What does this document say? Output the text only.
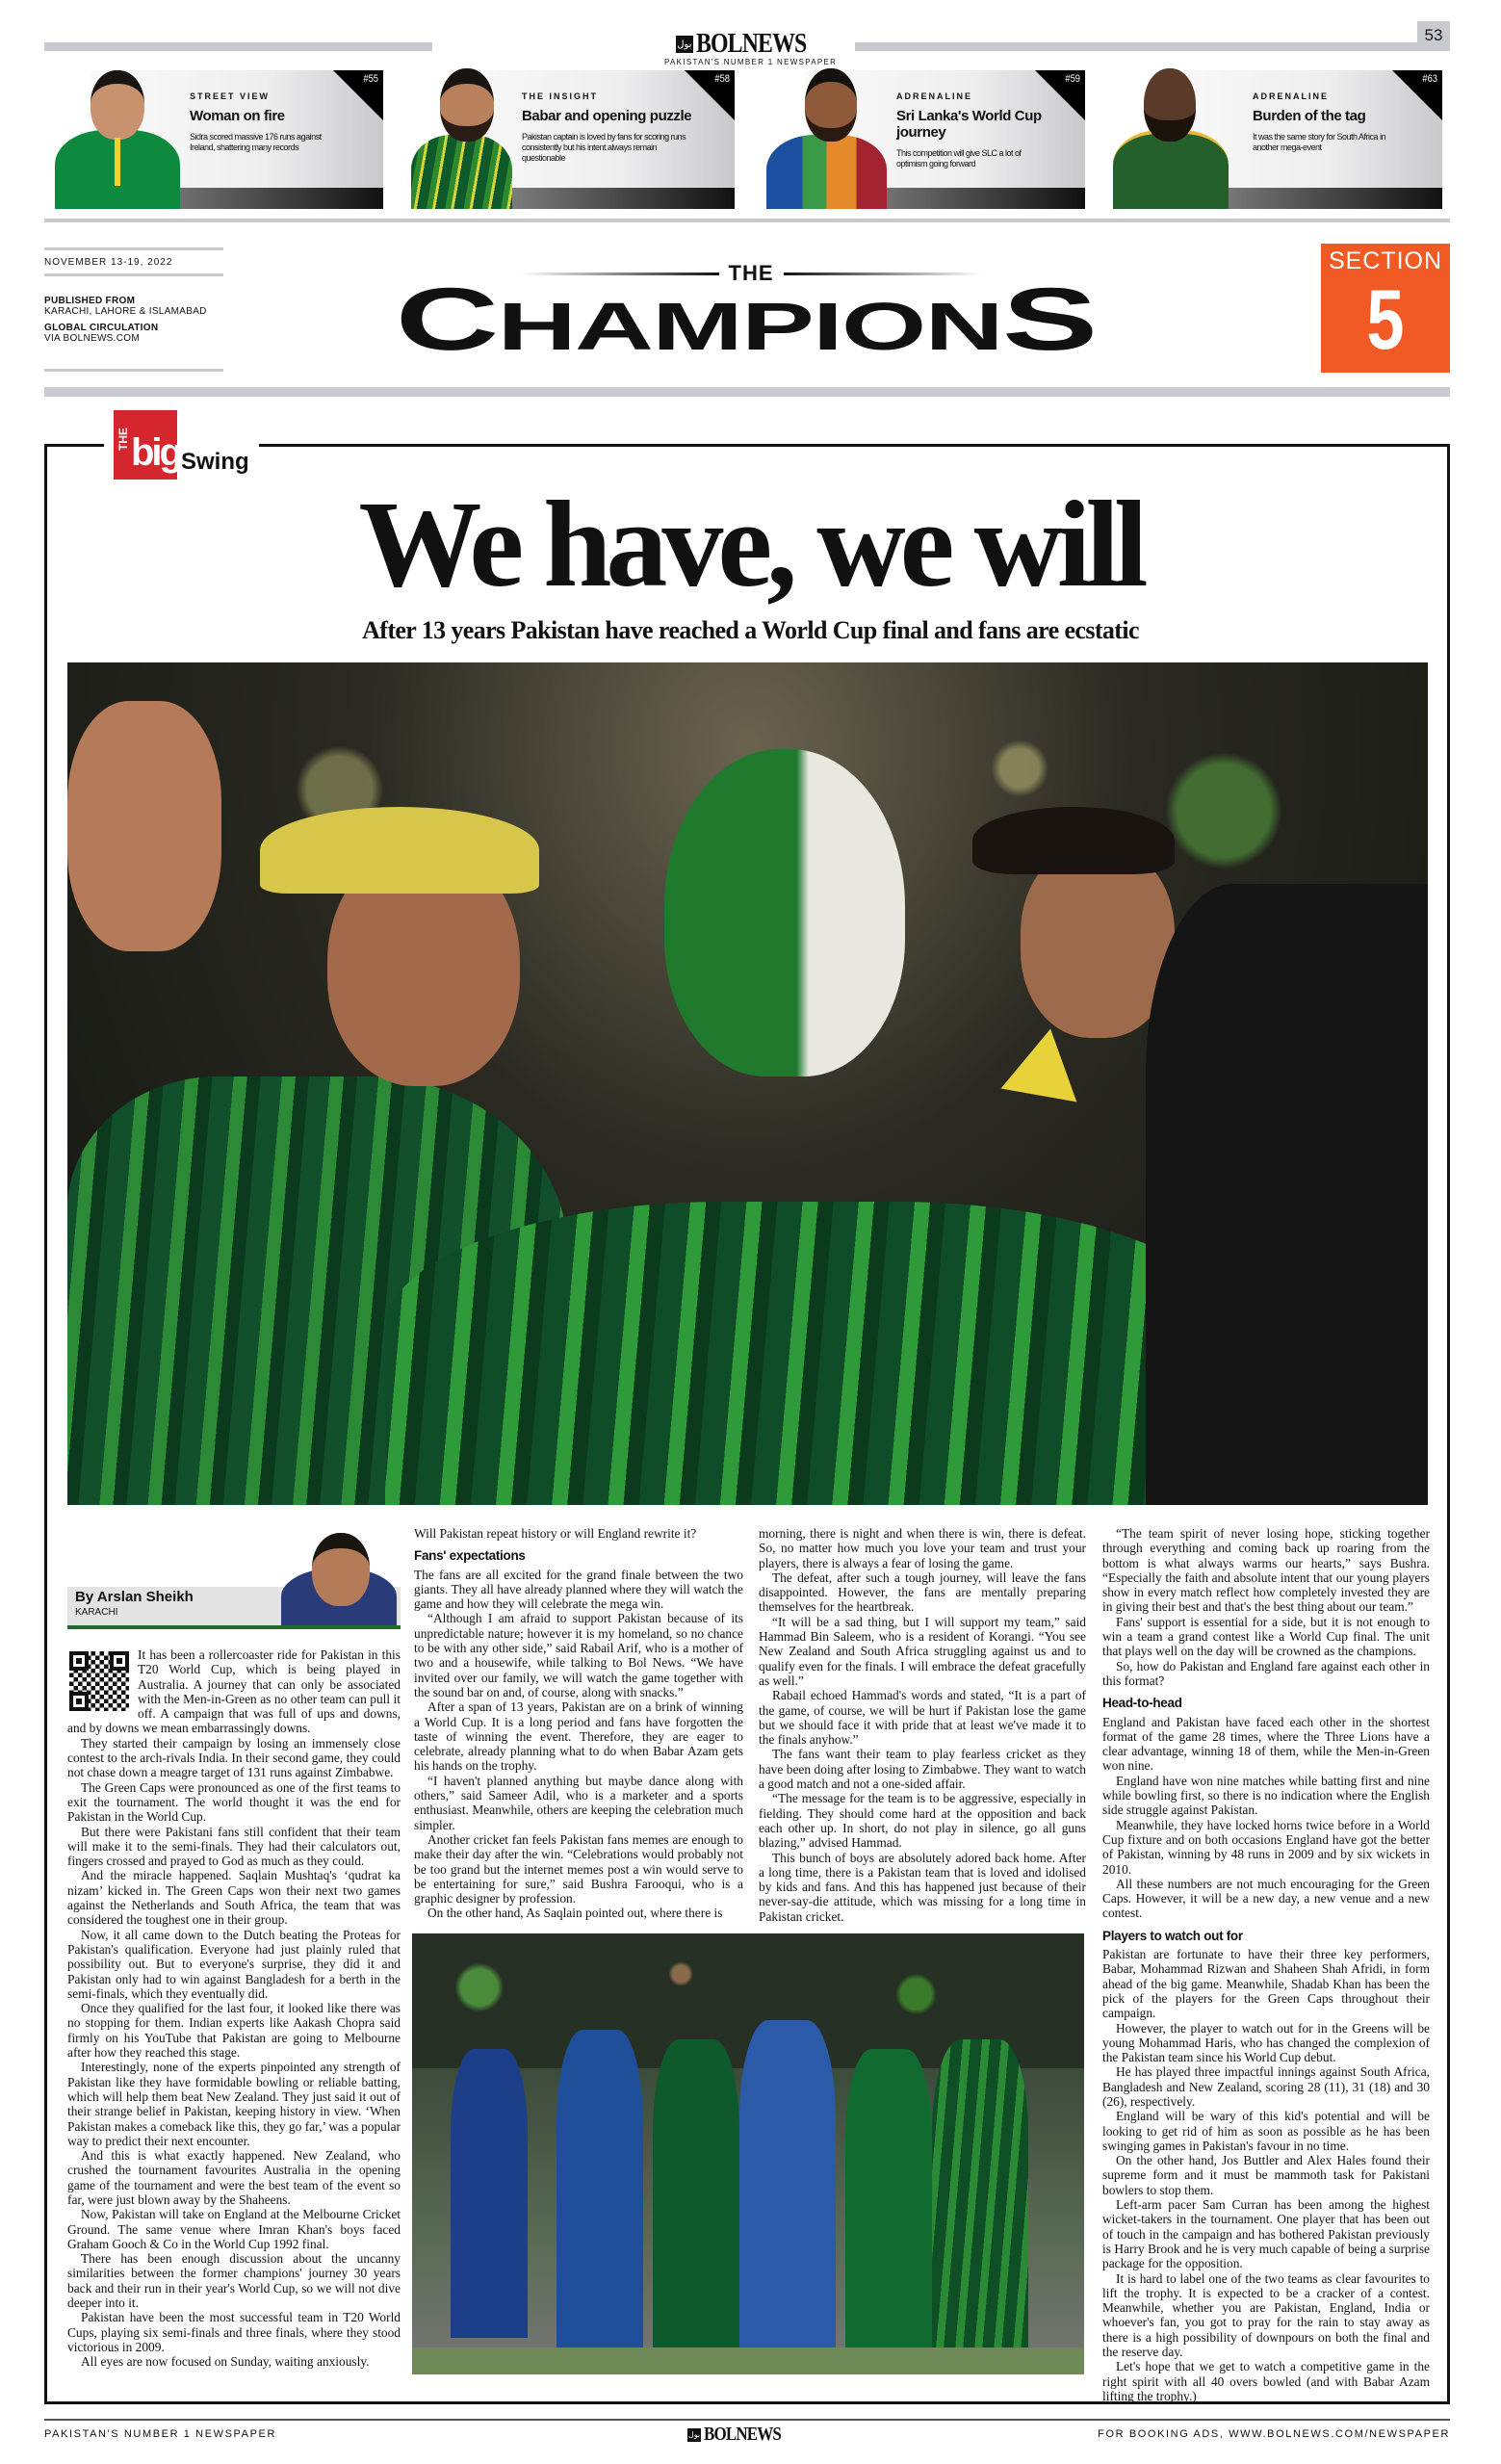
بول BOLNEWS
PAKISTAN'S NUMBER 1 NEWSPAPER
53
#55
STREET VIEW
Woman on fire
Sidra scored massive 176 runs against Ireland, shattering many records
#58
THE INSIGHT
Babar and opening puzzle
Pakistan captain is loved by fans for scoring runs consistently but his intent always remain questionable
#59
ADRENALINE
Sri Lanka's World Cup journey
This competition will give SLC a lot of optimism going forward
#63
ADRENALINE
Burden of the tag
It was the same story for South Africa in another mega-event
NOVEMBER 13-19, 2022
PUBLISHED FROM
KARACHI, LAHORE & ISLAMABAD
GLOBAL CIRCULATION
VIA BOLNEWS.COM
THE
CHAMPIONS
SECTION
5
THE big Swing
We have, we will
After 13 years Pakistan have reached a World Cup final and fans are ecstatic
By Arslan Sheikh
KARACHI

It has been a rollercoaster ride for Pakistan in this T20 World Cup, which is being played in Australia. A journey that can only be associated with the Men-in-Green as no other team can pull it off. A campaign that was full of ups and downs, and by downs we mean embarrassingly downs.

They started their campaign by losing an immensely close contest to the arch-rivals India. In their second game, they could not chase down a meagre target of 131 runs against Zimbabwe.

The Green Caps were pronounced as one of the first teams to exit the tournament. The world thought it was the end for Pakistan in the World Cup.

But there were Pakistani fans still confident that their team will make it to the semi-finals. They had their calculators out, fingers crossed and prayed to God as much as they could.

And the miracle happened. Saqlain Mushtaq's ‘qudrat ka nizam’ kicked in. The Green Caps won their next two games against the Netherlands and South Africa, the team that was considered the toughest one in their group.

Now, it all came down to the Dutch beating the Proteas for Pakistan's qualification. Everyone had just plainly ruled that possibility out. But to everyone's surprise, they did it and Pakistan only had to win against Bangladesh for a berth in the semi-finals, which they eventually did.

Once they qualified for the last four, it looked like there was no stopping for them. Indian experts like Aakash Chopra said firmly on his YouTube that Pakistan are going to Melbourne after how they reached this stage.

Interestingly, none of the experts pinpointed any strength of Pakistan like they have formidable bowling or reliable batting, which will help them beat New Zealand. They just said it out of their strange belief in Pakistan, keeping history in view. ‘When Pakistan makes a comeback like this, they go far,’ was a popular way to predict their next encounter.

And this is what exactly happened. New Zealand, who crushed the tournament favourites Australia in the opening game of the tournament and were the best team of the event so far, were just blown away by the Shaheens.

Now, Pakistan will take on England at the Melbourne Cricket Ground. The same venue where Imran Khan's boys faced Graham Gooch & Co in the World Cup 1992 final.

There has been enough discussion about the uncanny similarities between the former champions' journey 30 years back and their run in their year's World Cup, so we will not dive deeper into it.

Pakistan have been the most successful team in T20 World Cups, playing six semi-finals and three finals, where they stood victorious in 2009.

All eyes are now focused on Sunday, waiting anxiously.

Will Pakistan repeat history or will England rewrite it?

Fans' expectations

The fans are all excited for the grand finale between the two giants. They all have already planned where they will watch the game and how they will celebrate the mega win.

“Although I am afraid to support Pakistan because of its unpredictable nature; however it is my homeland, so no chance to be with any other side,” said Rabail Arif, who is a mother of two and a housewife, while talking to Bol News. “We have invited over our family, we will watch the game together with the sound bar on and, of course, along with snacks.”

After a span of 13 years, Pakistan are on a brink of winning a World Cup. It is a long period and fans have forgotten the taste of winning the event. Therefore, they are eager to celebrate, already planning what to do when Babar Azam gets his hands on the trophy.

“I haven't planned anything but maybe dance along with others,” said Sameer Adil, who is a marketer and a sports enthusiast. Meanwhile, others are keeping the celebration much simpler.

Another cricket fan feels Pakistan fans memes are enough to make their day after the win. “Celebrations would probably not be too grand but the internet memes post a win would serve to be entertaining for sure,” said Bushra Farooqui, who is a graphic designer by profession.

On the other hand, As Saqlain pointed out, where there is

morning, there is night and when there is win, there is defeat. So, no matter how much you love your team and trust your players, there is always a fear of losing the game.

The defeat, after such a tough journey, will leave the fans disappointed. However, the fans are mentally preparing themselves for the heartbreak.

“It will be a sad thing, but I will support my team,” said Hammad Bin Saleem, who is a resident of Korangi. “You see New Zealand and South Africa struggling against us and to qualify even for the finals. I will embrace the defeat gracefully as well.”

Rabail echoed Hammad's words and stated, “It is a part of the game, of course, we will be hurt if Pakistan lose the game but we should face it with pride that at least we've made it to the finals anyhow.”

The fans want their team to play fearless cricket as they have been doing after losing to Zimbabwe. They want to watch a good match and not a one-sided affair.

“The message for the team is to be aggressive, especially in fielding. They should come hard at the opposition and back each other up. In short, do not play in silence, go all guns blazing,” advised Hammad.

This bunch of boys are absolutely adored back home. After a long time, there is a Pakistan team that is loved and idolised by kids and fans. And this has happened just because of their never-say-die attitude, which was missing for a long time in Pakistan cricket.

“The team spirit of never losing hope, sticking together through everything and coming back up roaring from the bottom is what always warms our hearts,” says Bushra. “Especially the faith and absolute intent that our young players show in every match reflect how completely invested they are in giving their best and that's the best thing about our team.”

Fans' support is essential for a side, but it is not enough to win a team a grand contest like a World Cup final. The unit that plays well on the day will be crowned as the champions.

So, how do Pakistan and England fare against each other in this format?

Head-to-head

England and Pakistan have faced each other in the shortest format of the game 28 times, where the Three Lions have a clear advantage, winning 18 of them, while the Men-in-Green won nine.

England have won nine matches while batting first and nine while bowling first, so there is no indication where the English side struggle against Pakistan.

Meanwhile, they have locked horns twice before in a World Cup fixture and on both occasions England have got the better of Pakistan, winning by 48 runs in 2009 and by six wickets in 2010.

All these numbers are not much encouraging for the Green Caps. However, it will be a new day, a new venue and a new contest.

Players to watch out for

Pakistan are fortunate to have their three key performers, Babar, Mohammad Rizwan and Shaheen Shah Afridi, in form ahead of the big game. Meanwhile, Shadab Khan has been the pick of the players for the Green Caps throughout their campaign.

However, the player to watch out for in the Greens will be young Mohammad Haris, who has changed the complexion of the Pakistan team since his World Cup debut.

He has played three impactful innings against South Africa, Bangladesh and New Zealand, scoring 28 (11), 31 (18) and 30 (26), respectively.

England will be wary of this kid's potential and will be looking to get rid of him as soon as possible as he has been swinging games in Pakistan's favour in no time.

On the other hand, Jos Buttler and Alex Hales found their supreme form and it must be mammoth task for Pakistani bowlers to stop them.

Left-arm pacer Sam Curran has been among the highest wicket-takers in the tournament. One player that has been out of touch in the campaign and has bothered Pakistan previously is Harry Brook and he is very much capable of being a surprise package for the opposition.

It is hard to label one of the two teams as clear favourites to lift the trophy. It is expected to be a cracker of a contest. Meanwhile, whether you are Pakistan, England, India or whoever's fan, you got to pray for the rain to stay away as there is a high possibility of downpours on both the final and the reserve day.

Let's hope that we get to watch a competitive game in the right spirit with all 40 overs bowled (and with Babar Azam lifting the trophy.)

PAKISTAN'S NUMBER 1 NEWSPAPER	بول BOLNEWS	FOR BOOKING ADS, WWW.BOLNEWS.COM/NEWSPAPER
